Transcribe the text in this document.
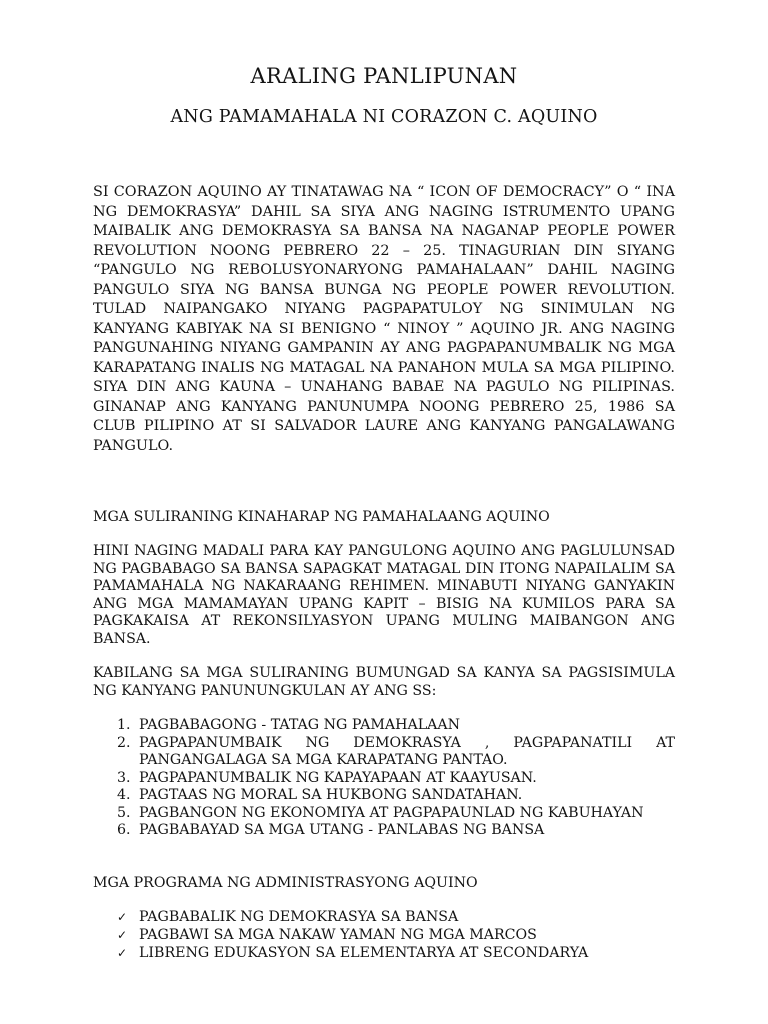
ARALING PANLIPUNAN
ANG PAMAMAHALA NI CORAZON C. AQUINO

SI CORAZON AQUINO AY TINATAWAG NA “ ICON OF DEMOCRACY” O “ INA NG DEMOKRASYA” DAHIL SA SIYA ANG NAGING ISTRUMENTO UPANG MAIBALIK ANG DEMOKRASYA SA BANSA NA NAGANAP PEOPLE POWER REVOLUTION NOONG PEBRERO 22 – 25. TINAGURIAN DIN SIYANG “PANGULO NG REBOLUSYONARYONG PAMAHALAAN” DAHIL NAGING PANGULO SIYA NG BANSA BUNGA NG PEOPLE POWER REVOLUTION. TULAD NAIPANGAKO NIYANG PAGPAPATULOY NG SINIMULAN NG KANYANG KABIYAK NA SI BENIGNO “ NINOY ” AQUINO JR. ANG NAGING PANGUNAHING NIYANG GAMPANIN AY ANG PAGPAPANUMBALIK NG MGA KARAPATANG INALIS NG MATAGAL NA PANAHON MULA SA MGA PILIPINO. SIYA DIN ANG KAUNA – UNAHANG BABAE NA PAGULO NG PILIPINAS. GINANAP ANG KANYANG PANUNUMPA NOONG PEBRERO 25, 1986 SA CLUB PILIPINO AT SI SALVADOR LAURE ANG KANYANG PANGALAWANG PANGULO.

MGA SULIRANING KINAHARAP NG PAMAHALAANG AQUINO

HINI NAGING MADALI PARA KAY PANGULONG AQUINO ANG PAGLULUNSAD NG PAGBABAGO SA BANSA SAPAGKAT MATAGAL DIN ITONG NAPAILALIM SA PAMAMAHALA NG NAKARAANG REHIMEN. MINABUTI NIYANG GANYAKIN ANG MGA MAMAMAYAN UPANG KAPIT – BISIG NA KUMILOS PARA SA PAGKAKAISA AT REKONSILYASYON UPANG MULING MAIBANGON ANG BANSA.

KABILANG SA MGA SULIRANING BUMUNGAD SA KANYA SA PAGSISIMULA NG KANYANG PANUNUNGKULAN AY ANG SS:

1. PAGBABAGONG - TATAG NG PAMAHALAAN
2. PAGPAPANUMBAIK NG DEMOKRASYA , PAGPAPANATILI AT PANGANGALAGA SA MGA KARAPATANG PANTAO.
3. PAGPAPANUMBALIK NG KAPAYAPAAN AT KAAYUSAN.
4. PAGTAAS NG MORAL SA HUKBONG SANDATAHAN.
5. PAGBANGON NG EKONOMIYA AT PAGPAPAUNLAD NG KABUHAYAN
6. PAGBABAYAD SA MGA UTANG - PANLABAS NG BANSA

MGA PROGRAMA NG ADMINISTRASYONG AQUINO

✓ PAGBABALIK NG DEMOKRASYA SA BANSA
✓ PAGBAWI SA MGA NAKAW YAMAN NG MGA MARCOS
✓ LIBRENG EDUKASYON SA ELEMENTARYA AT SECONDARYA
